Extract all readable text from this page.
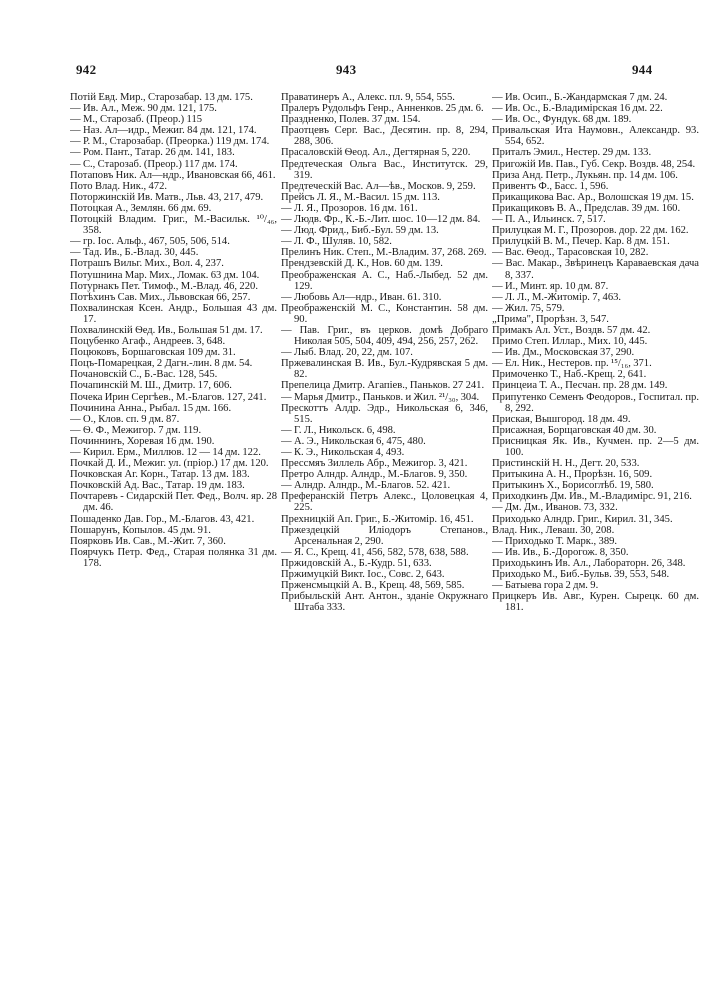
942	943	944

Потій Евд. Мир., Старозабар. 13 дм. 175.

— Ив. Ал., Меж. 90 дм. 121, 175.

— М., Старозаб. (Преор.) 115

— Наз. Ал—идр., Межиг. 84 дм. 121, 174.

— Р. М., Старозабар. (Преорка.) 119 дм. 174.

— Ром. Пант., Татар. 26 дм. 141, 183.

— С., Старозаб. (Преор.) 117 дм. 174.

Потаповъ Ник. Ал—ндр., Ивановская 66, 461.

Пото Влад. Ник., 472.

Поторжинскій Ив. Матв., Льв. 43, 217, 479.

Потоцкая А., Землян. 66 дм. 69.

Потоцкій Владим. Григ., М.-Васильк. ¹⁰/₄₆, 358.

— гр. Іос. Альф., 467, 505, 506, 514.

— Тад. Ив., Б.-Влад. 30, 445.

Потрашъ Вильг. Мих., Вол. 4, 237.

Потушнина Мар. Мих., Ломак. 63 дм. 104.

Потурнакъ Пет. Тимоф., М.-Влад. 46, 220.

Потѣхинъ Сав. Мих., Львовская 66, 257.

Похвалинская Ксен. Андр., Большая 43 дм. 17.

Похвалинскій Ѳед. Ив., Большая 51 дм. 17.

Поцубенко Агаф., Андреев. 3, 648.

Поцюковъ, Боршаговская 109 дм. 31.

Поцъ-Помарецкая, 2 Дагн.-лин. 8 дм. 54.

Почановскій С., Б.-Вас. 128, 545.

Почапинскій М. Ш., Дмитр. 17, 606.

Почека Ирин Сергѣев., М.-Благов. 127, 241.

Починина Анна., Рыбал. 15 дм. 166.

— О., Клов. сп. 9 дм. 87.

— Ѳ. Ф., Межигор. 7 дм. 119.

Починнинъ, Хоревая 16 дм. 190.

— Кирил. Ерм., Миллюв. 12 — 14 дм. 122.

Почкай Д. И., Межиг. ул. (пріор.) 17 дм. 120.

Почковская Аг. Корн., Татар. 13 дм. 183.

Почковскій Ад. Вас., Татар. 19 дм. 183.

Почтаревъ - Сидарскій Пет. Фед., Волч. яр. 28 дм. 46.

Пошаденко Дав. Гор., М.-Благов. 43, 421.

Пошарунъ, Копылов. 45 дм. 91.

Поярковъ Ив. Сав., М.-Жит. 7, 360.

Поярчукъ Петр. Фед., Старая полянка 31 дм. 178.

Праватинеръ А., Алекс. пл. 9, 554, 555.

Пралеръ Рудольфъ Генр., Анненков. 25 дм. 6.

Праздненко, Полев. 37 дм. 154.

Праотцевъ Серг. Вас., Десятин. пр. 8, 294, 288, 306.

Прасаловскій Ѳеод. Ал., Дегтярная 5, 220.

Предтеческая Ольга Вас., Институтск. 29, 319.

Предтеческій Вас. Ал—ѣв., Москов. 9, 259.

Прейсъ Л. Я., М.-Васил. 15 дм. 113.

— Л. Я., Прозоров. 16 дм. 161.

— Людв. Фр., К.-Б.-Лит. шос. 10—12 дм. 84.

— Люд. Фрид., Биб.-Бул. 59 дм. 13.

— Л. Ф., Шуляв. 10, 582.

Прелинъ Ник. Степ., М.-Владим. 37, 268. 269.

Прендзевскій Д. К., Нов. 60 дм. 139.

Преображенская А. С., Наб.-Лыбед. 52 дм. 129.

— Любовь Ал—ндр., Иван. 61. 310.

Преображенскій М. С., Константин. 58 дм. 90.

— Пав. Григ., въ церков. домѣ Добраго Николая 505, 504, 409, 494, 256, 257, 262.

— Лыб. Влад. 20, 22, дм. 107.

Пржевалинская В. Ив., Бул.-Кудрявская 5 дм. 82.

Препелица Дмитр. Агапіев., Паньков. 27 241.

— Марья Дмитр., Паньков. и Жил. ²¹/₃₀, 304.

Прескоттъ Алдр. Эдр., Никольская 6, 346, 515.

— Г. Л., Никольск. 6, 498.

— А. Э., Никольская 6, 475, 480.

— К. Э., Никольская 4, 493.

Прессмяъ Зиллель Абр., Межигор. 3, 421.

Претро Алндр. Алндр., М.-Благов. 9, 350.

— Алндр. Алндр., М.-Благов. 52. 421.

Преферанскій Петръ Алекс., Цоловецкая 4, 225.

Прехницкій Ап. Григ., Б.-Житомір. 16, 451.

Пржездецкій Иліодоръ Степанов., Арсенальная 2, 290.

— Я. С., Крещ. 41, 456, 582, 578, 638, 588.

Пржидовскій А., Б.-Кудр. 51, 633.

Пржимуцкій Викт. Іос., Совс. 2, 643.

Прженсмыцкій А. В., Крещ. 48, 569, 585.

Прибыльскій Ант. Антон., зданіе Окружнаго Штаба 333.

— Ив. Осип., Б.-Жандармская 7 дм. 24.

— Ив. Ос., Б.-Владимірская 16 дм. 22.

— Ив. Ос., Фундук. 68 дм. 189.

Привальская Ита Наумовн., Александр. 93. 554, 652.

Приталъ Эмил., Нестер. 29 дм. 133.

Пригожій Ив. Пав., Губ. Секр. Воздв. 48, 254.

Приза Анд. Петр., Лукьян. пр. 14 дм. 106.

Привентъ Ф., Басс. 1, 596.

Прикащикова Вас. Ар., Волошская 19 дм. 15.

Прикащиковъ В. А., Предслав. 39 дм. 160.

— П. А., Ильинск. 7, 517.

Прилуцкая М. Г., Прозоров. дор. 22 дм. 162.

Прилуцкій В. М., Печер. Кар. 8 дм. 151.

— Вас. Ѳеод., Тарасовская 10, 282.

— Вас. Макар., Звѣринецъ Караваевская дача 8, 337.

— И., Минт. яр. 10 дм. 87.

— Л. Л., М.-Житомір. 7, 463.

— Жил. 75, 579.

„Прима", Прорѣзн. 3, 547.

Примакъ Ал. Уст., Воздв. 57 дм. 42.

Примо Степ. Иллар., Мих. 10, 445.

— Ив. Дм., Московская 37, 290.

— Ел. Ник., Нестеров. пр. ¹⁵/₁₆, 371.

Примоченко Т., Наб.-Крещ. 2, 641.

Принцеиа Т. А., Песчан. пр. 28 дм. 149.

Припутенко Семенъ Феодоров., Госпитал. пр. 8, 292.

Приская, Вышгород. 18 дм. 49.

Присажная, Борщаговская 40 дм. 30.

Присницкая Як. Ив., Кучмен. пр. 2—5 дм. 100.

Пристинскій Н. Н., Дегт. 20, 533.

Притыкина А. Н., Прорѣзн. 16, 509.

Притыкинъ Х., Борисоглѣб. 19, 580.

Приходкинъ Дм. Ив., М.-Владимірс. 91, 216.

— Дм. Дм., Иванов. 73, 332.

Приходько Алндр. Григ., Кирил. 31, 345.

Влад. Ник., Леваш. 30, 208.

— Приходько Т. Марк., 389.

— Ив. Ив., Б.-Дорогож. 8, 350.

Приходькинъ Ив. Ал., Лабораторн. 26, 348.

Приходько М., Биб.-Бульв. 39, 553, 548.

— Батыева гора 2 дм. 9.

Прицкеръ Ив. Авг., Курен. Сырецк. 60 дм. 181.
